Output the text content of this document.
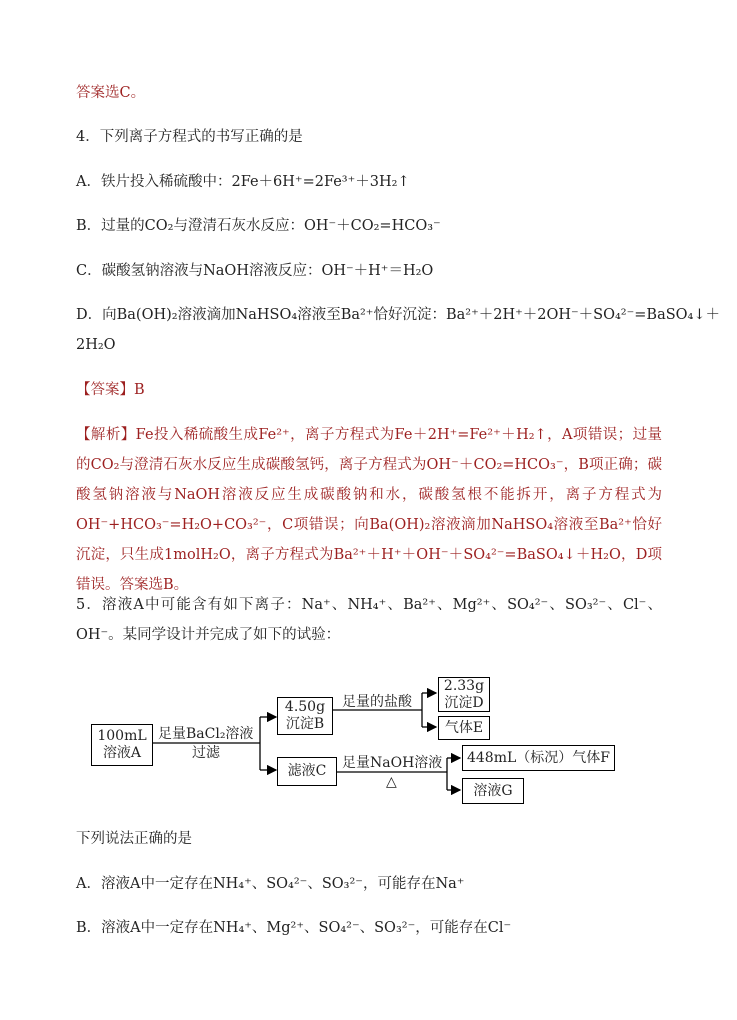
答案选C。
4．下列离子方程式的书写正确的是
A．铁片投入稀硫酸中：2Fe＋6H⁺=2Fe³⁺＋3H₂↑
B．过量的CO₂与澄清石灰水反应：OH⁻＋CO₂=HCO₃⁻
C．碳酸氢钠溶液与NaOH溶液反应：OH⁻＋H⁺＝H₂O
D．向Ba(OH)₂溶液滴加NaHSO₄溶液至Ba²⁺恰好沉淀：Ba²⁺＋2H⁺＋2OH⁻＋SO₄²⁻=BaSO₄↓＋
2H₂O
【答案】B
【解析】Fe投入稀硫酸生成Fe²⁺，离子方程式为Fe＋2H⁺=Fe²⁺＋H₂↑，A项错误；过量的CO₂与澄清石灰水反应生成碳酸氢钙，离子方程式为OH⁻＋CO₂=HCO₃⁻，B项正确；碳酸氢钠溶液与NaOH溶液反应生成碳酸钠和水，碳酸氢根不能拆开，离子方程式为OH⁻+HCO₃⁻=H₂O+CO₃²⁻，C项错误；向Ba(OH)₂溶液滴加NaHSO₄溶液至Ba²⁺恰好沉淀，只生成1molH₂O，离子方程式为Ba²⁺＋H⁺＋OH⁻＋SO₄²⁻=BaSO₄↓＋H₂O，D项错误。答案选B。
5．溶液A中可能含有如下离子：Na⁺、NH₄⁺、Ba²⁺、Mg²⁺、SO₄²⁻、SO₃²⁻、Cl⁻、OH⁻。某同学设计并完成了如下的试验：
100mL
溶液A
足量BaCl₂溶液
过滤
4.50g
沉淀B
滤液C
足量的盐酸
2.33g
沉淀D
气体E
足量NaOH溶液
△
448mL（标况）气体F
溶液G
下列说法正确的是
A．溶液A中一定存在NH₄⁺、SO₄²⁻、SO₃²⁻，可能存在Na⁺
B．溶液A中一定存在NH₄⁺、Mg²⁺、SO₄²⁻、SO₃²⁻，可能存在Cl⁻
